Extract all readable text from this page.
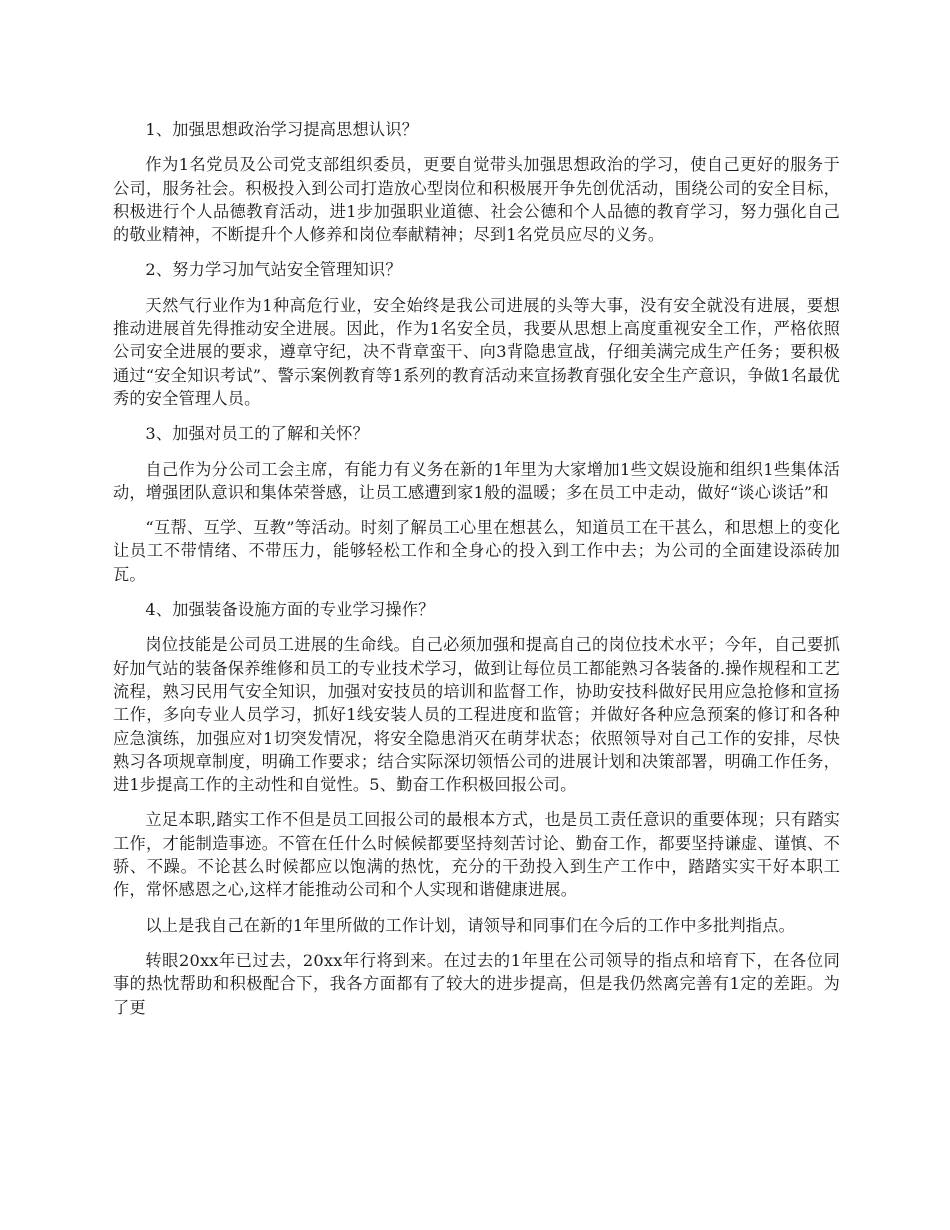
1、加强思想政治学习提高思想认识？

作为1名党员及公司党支部组织委员，更要自觉带头加强思想政治的学习，使自己更好的服务于公司，服务社会。积极投入到公司打造放心型岗位和积极展开争先创优活动，围绕公司的安全目标，积极进行个人品德教育活动，进1步加强职业道德、社会公德和个人品德的教育学习，努力强化自己的敬业精神，不断提升个人修养和岗位奉献精神；尽到1名党员应尽的义务。

2、努力学习加气站安全管理知识？

天然气行业作为1种高危行业，安全始终是我公司进展的头等大事，没有安全就没有进展，要想推动进展首先得推动安全进展。因此，作为1名安全员，我要从思想上高度重视安全工作，严格依照公司安全进展的要求，遵章守纪，决不背章蛮干、向3背隐患宣战，仔细美满完成生产任务；要积极通过“安全知识考试”、警示案例教育等1系列的教育活动来宣扬教育强化安全生产意识，争做1名最优秀的安全管理人员。

3、加强对员工的了解和关怀？

自己作为分公司工会主席，有能力有义务在新的1年里为大家增加1些文娱设施和组织1些集体活动，增强团队意识和集体荣誉感，让员工感遭到家1般的温暖；多在员工中走动，做好“谈心谈话”和

“互帮、互学、互教”等活动。时刻了解员工心里在想甚么，知道员工在干甚么，和思想上的变化让员工不带情绪、不带压力，能够轻松工作和全身心的投入到工作中去；为公司的全面建设添砖加瓦。

4、加强装备设施方面的专业学习操作？

岗位技能是公司员工进展的生命线。自己必须加强和提高自己的岗位技术水平；今年，自己要抓好加气站的装备保养维修和员工的专业技术学习，做到让每位员工都能熟习各装备的.操作规程和工艺流程，熟习民用气安全知识，加强对安技员的培训和监督工作，协助安技科做好民用应急抢修和宣扬工作，多向专业人员学习，抓好1线安装人员的工程进度和监管；并做好各种应急预案的修订和各种应急演练，加强应对1切突发情况，将安全隐患消灭在萌芽状态；依照领导对自己工作的安排，尽快熟习各项规章制度，明确工作要求；结合实际深切领悟公司的进展计划和决策部署，明确工作任务，进1步提高工作的主动性和自觉性。5、勤奋工作积极回报公司。

立足本职,踏实工作不但是员工回报公司的最根本方式，也是员工责任意识的重要体现；只有踏实工作，才能制造事迹。不管在任什么时候候都要坚持刻苦讨论、勤奋工作，都要坚持谦虚、谨慎、不骄、不躁。不论甚么时候都应以饱满的热忱，充分的干劲投入到生产工作中，踏踏实实干好本职工作，常怀感恩之心,这样才能推动公司和个人实现和谐健康进展。

以上是我自己在新的1年里所做的工作计划，请领导和同事们在今后的工作中多批判指点。

转眼20xx年已过去，20xx年行将到来。在过去的1年里在公司领导的指点和培育下，在各位同事的热忱帮助和积极配合下，我各方面都有了较大的进步提高，但是我仍然离完善有1定的差距。为了更
